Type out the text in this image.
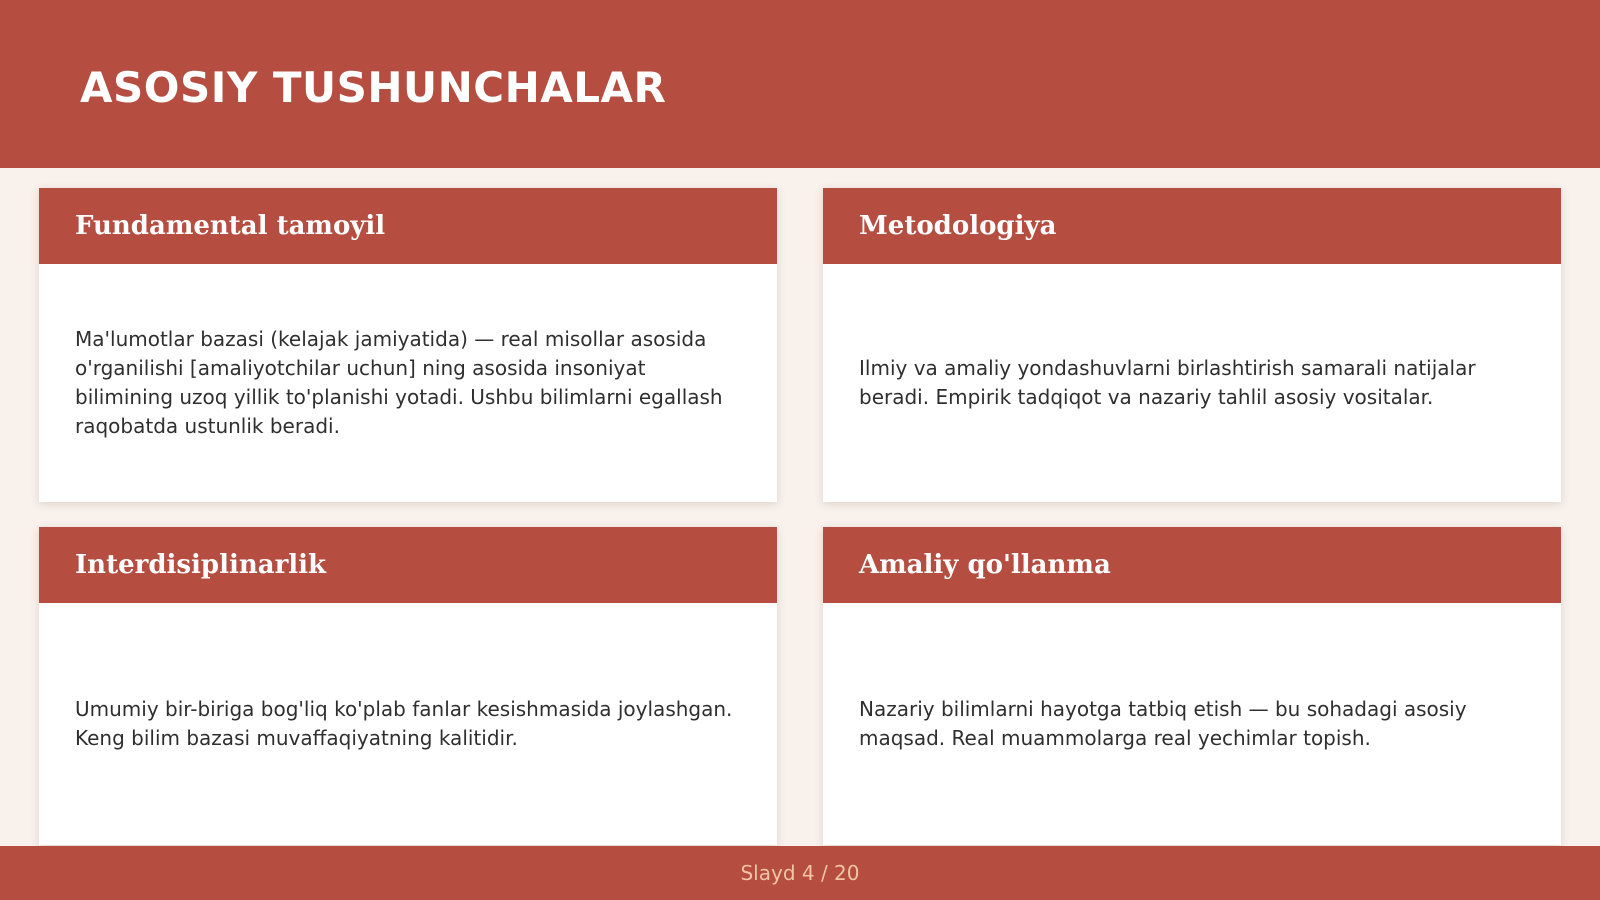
ASOSIY TUSHUNCHALAR
Fundamental tamoyil

Ma'lumotlar bazasi (kelajak jamiyatida) — real misollar asosida o'rganilishi [amaliyotchilar uchun] ning asosida insoniyat bilimining uzoq yillik to'planishi yotadi. Ushbu bilimlarni egallash raqobatda ustunlik beradi.

Metodologiya

Ilmiy va amaliy yondashuvlarni birlashtirish samarali natijalar beradi. Empirik tadqiqot va nazariy tahlil asosiy vositalar.

Interdisiplinarlik

Umumiy bir-biriga bog'liq ko'plab fanlar kesishmasida joylashgan. Keng bilim bazasi muvaffaqiyatning kalitidir.

Amaliy qo'llanma

Nazariy bilimlarni hayotga tatbiq etish — bu sohadagi asosiy maqsad. Real muammolarga real yechimlar topish.

Slayd 4 / 20
